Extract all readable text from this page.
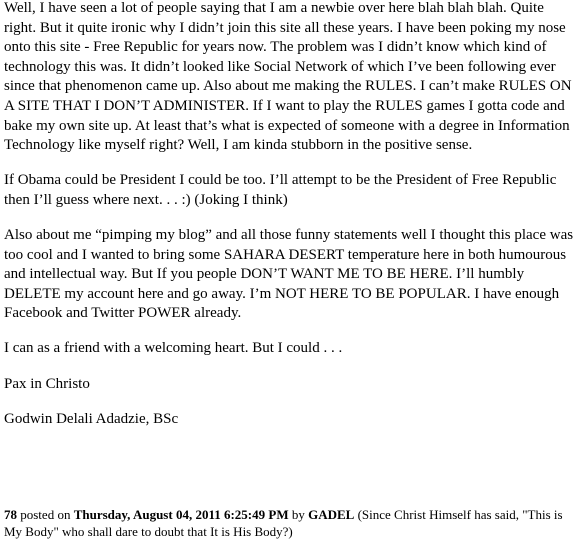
Well, I have seen a lot of people saying that I am a newbie over here blah blah blah. Quite right. But it quite ironic why I didn’t join this site all these years. I have been poking my nose onto this site - Free Republic for years now. The problem was I didn’t know which kind of technology this was. It didn’t looked like Social Network of which I’ve been following ever since that phenomenon came up. Also about me making the RULES. I can’t make RULES ON A SITE THAT I DON’T ADMINISTER. If I want to play the RULES games I gotta code and bake my own site up. At least that’s what is expected of someone with a degree in Information Technology like myself right? Well, I am kinda stubborn in the positive sense.

If Obama could be President I could be too. I’ll attempt to be the President of Free Republic then I’ll guess where next. . . :) (Joking I think)

Also about me “pimping my blog” and all those funny statements well I thought this place was too cool and I wanted to bring some SAHARA DESERT temperature here in both humourous and intellectual way. But If you people DON’T WANT ME TO BE HERE. I’ll humbly DELETE my account here and go away. I’m NOT HERE TO BE POPULAR. I have enough Facebook and Twitter POWER already.

I can as a friend with a welcoming heart. But I could . . .

Pax in Christo

Godwin Delali Adadzie, BSc

78 posted on Thursday, August 04, 2011 6:25:49 PM by GADEL (Since Christ Himself has said, "This is My Body" who shall dare to doubt that It is His Body?)
